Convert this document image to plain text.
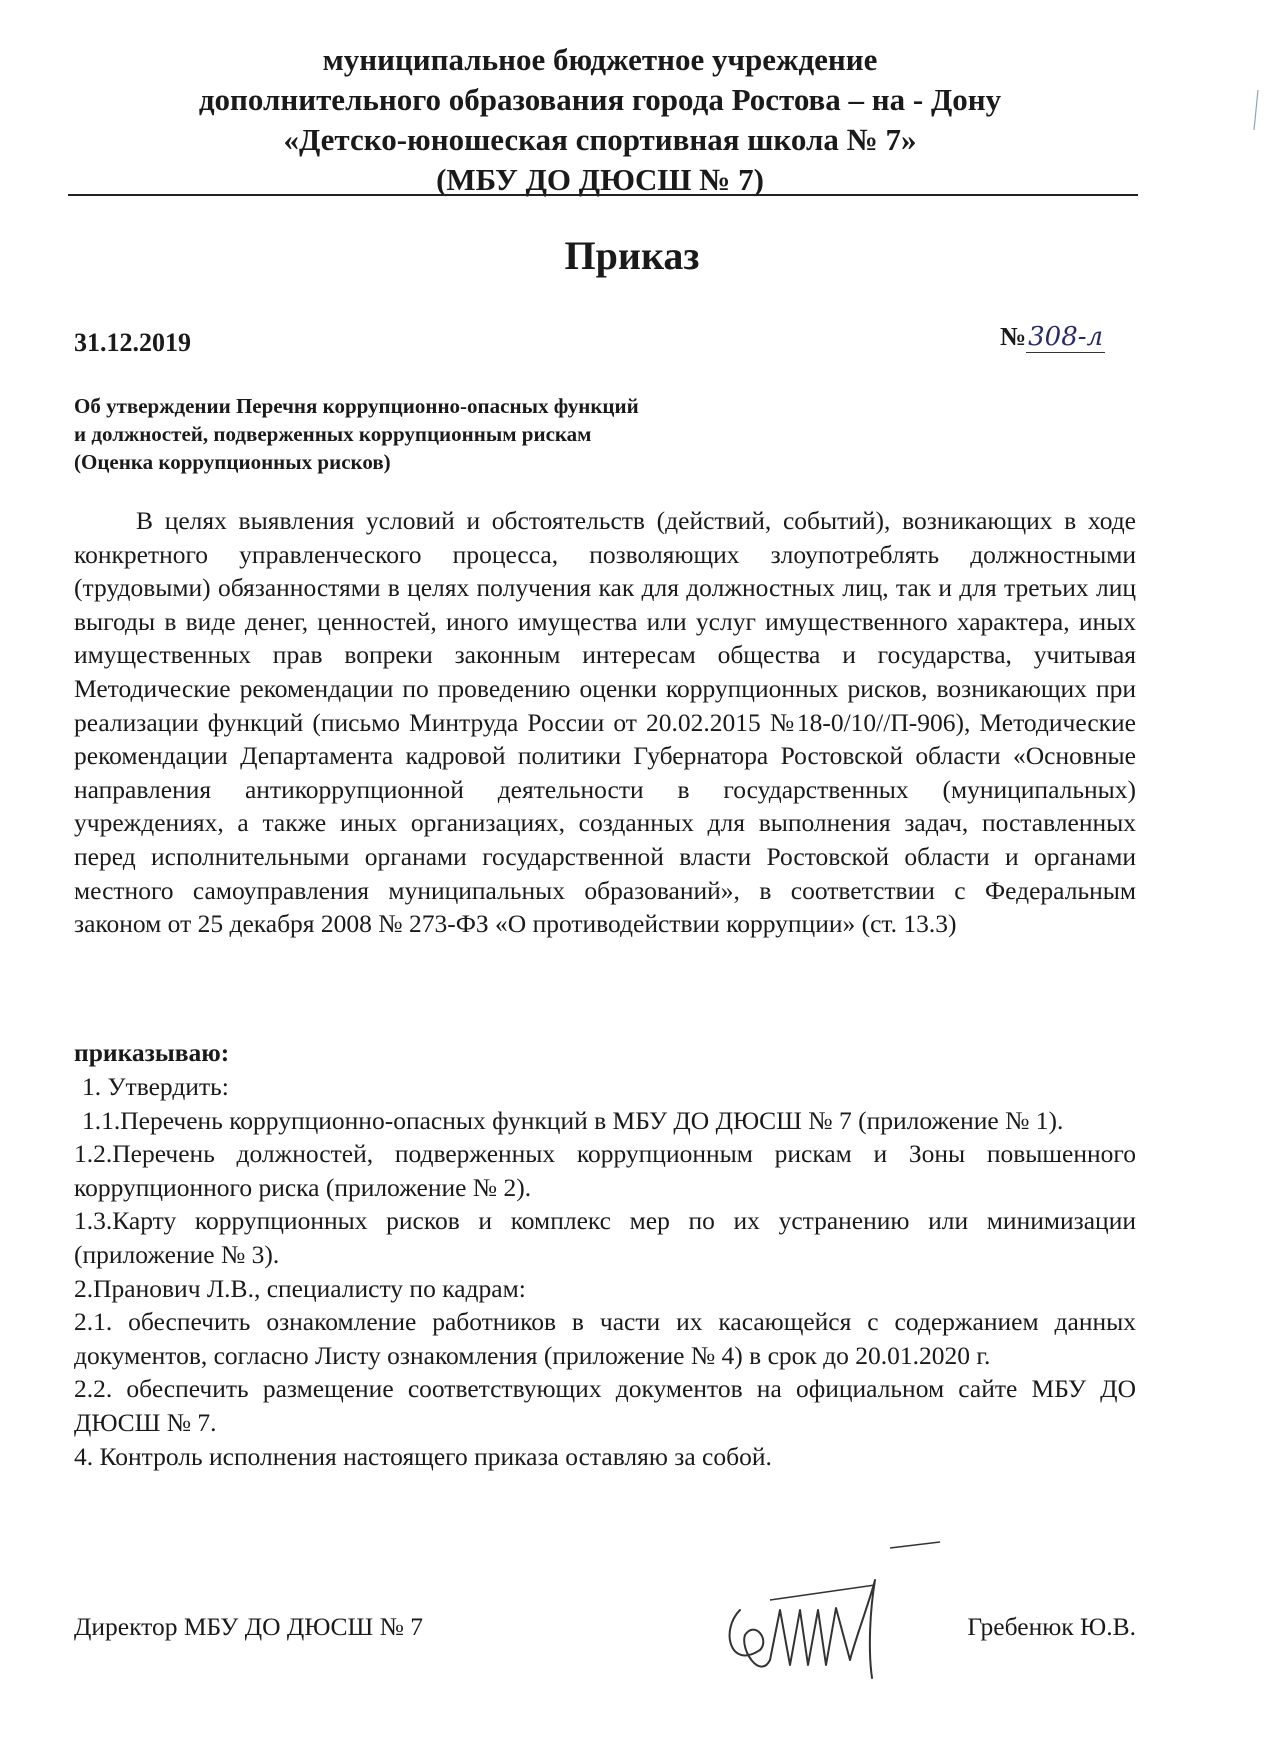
муниципальное бюджетное учреждение
дополнительного образования города Ростова – на - Дону
«Детско-юношеская спортивная школа № 7»
(МБУ ДО ДЮСШ № 7)
Приказ
31.12.2019	№308-л
Об утверждении Перечня коррупционно-опасных функций
и должностей, подверженных коррупционным рискам
(Оценка коррупционных рисков)
В целях выявления условий и обстоятельств (действий, событий), возникающих в ходе конкретного управленческого процесса, позволяющих злоупотреблять должностными (трудовыми) обязанностями в целях получения как для должностных лиц, так и для третьих лиц выгоды в виде денег, ценностей, иного имущества или услуг имущественного характера, иных имущественных прав вопреки законным интересам общества и государства, учитывая Методические рекомендации по проведению оценки коррупционных рисков, возникающих при реализации функций (письмо Минтруда России от 20.02.2015 №18-0/10//П-906), Методические рекомендации Департамента кадровой политики Губернатора Ростовской области «Основные направления антикоррупционной деятельности в государственных (муниципальных) учреждениях, а также иных организациях, созданных для выполнения задач, поставленных перед исполнительными органами государственной власти Ростовской области и органами местного самоуправления муниципальных образований», в соответствии с Федеральным законом от 25 декабря 2008 № 273-ФЗ «О противодействии коррупции» (ст. 13.3)
приказываю:
1. Утвердить:
1.1.Перечень коррупционно-опасных функций в МБУ ДО ДЮСШ № 7 (приложение № 1).
1.2.Перечень должностей, подверженных коррупционным рискам и Зоны повышенного коррупционного риска (приложение № 2).
1.3.Карту коррупционных рисков и комплекс мер по их устранению или минимизации (приложение № 3).
2.Пранович Л.В., специалисту по кадрам:
2.1. обеспечить ознакомление работников в части их касающейся с содержанием данных документов, согласно Листу ознакомления (приложение № 4) в срок до 20.01.2020 г.
2.2. обеспечить размещение соответствующих документов на официальном сайте МБУ ДО ДЮСШ № 7.
4. Контроль исполнения настоящего приказа оставляю за собой.
Директор МБУ ДО ДЮСШ № 7	Гребенюк Ю.В.
